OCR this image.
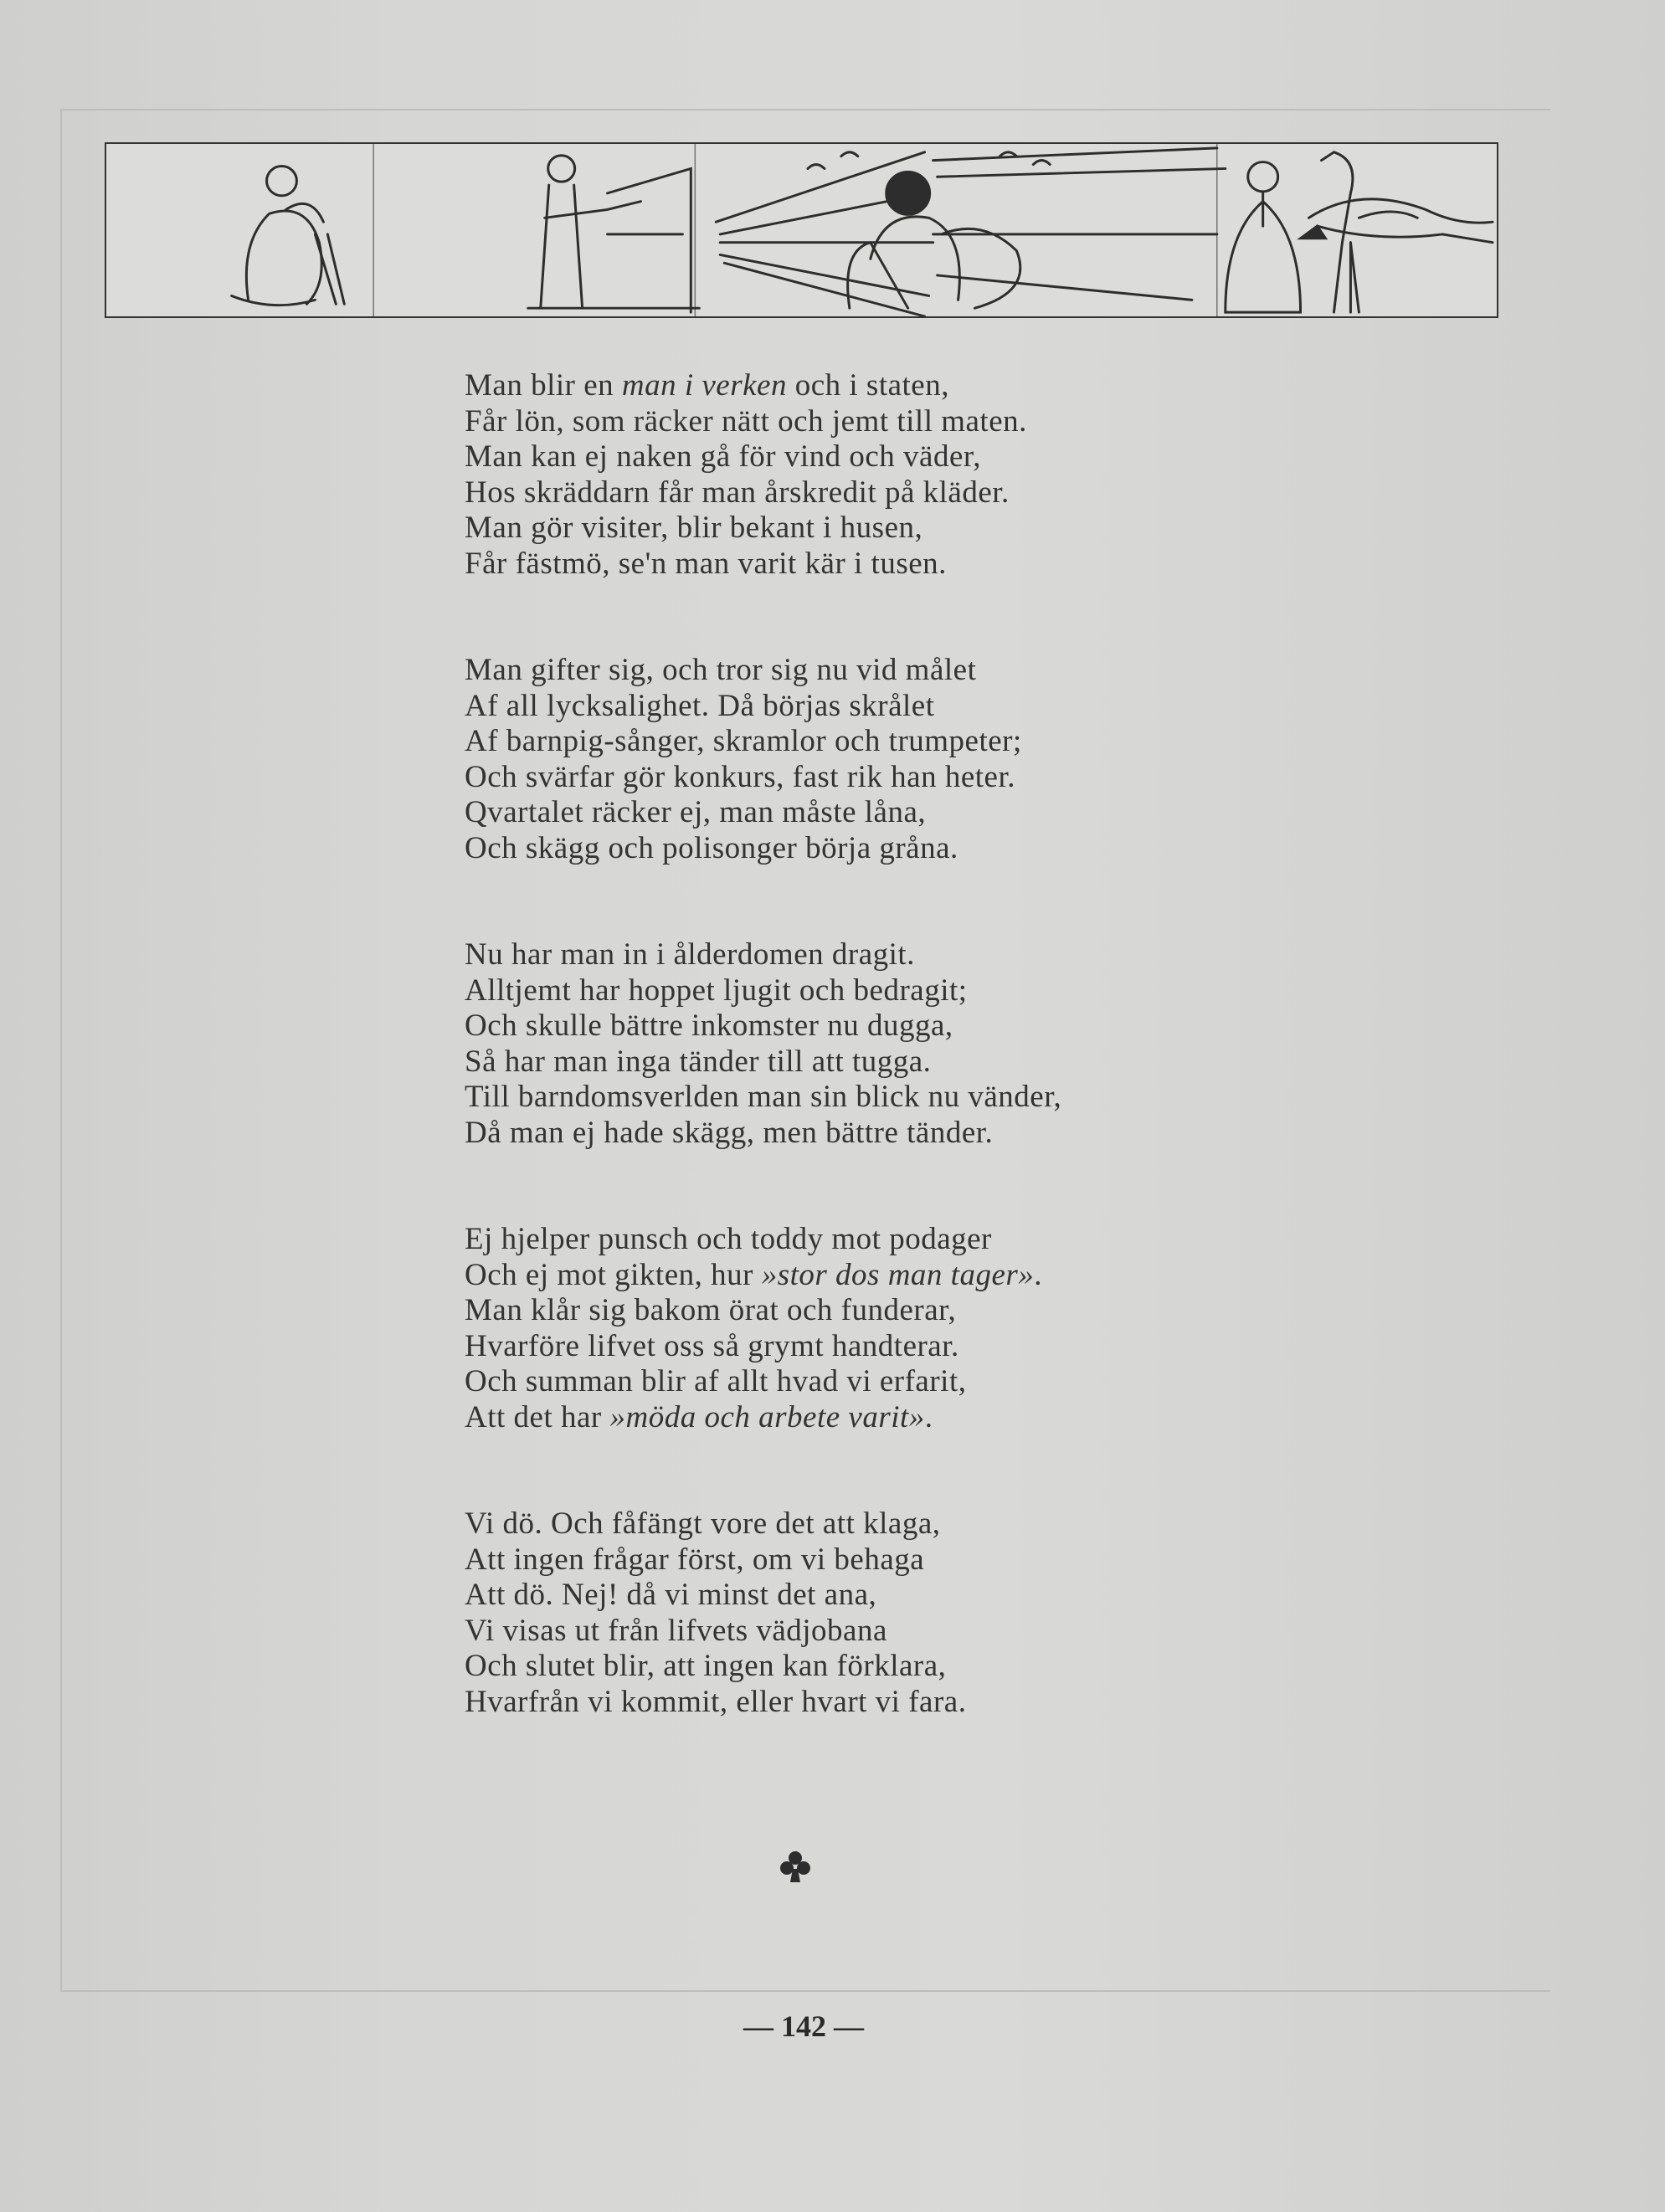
Man blir en man i verken och i staten,
Får lön, som räcker nätt och jemt till maten.
Man kan ej naken gå för vind och väder,
Hos skräddarn får man årskredit på kläder.
Man gör visiter, blir bekant i husen,
Får fästmö, se'n man varit kär i tusen.
Man gifter sig, och tror sig nu vid målet
Af all lycksalighet. Då börjas skrålet
Af barnpig-sånger, skramlor och trumpeter;
Och svärfar gör konkurs, fast rik han heter.
Qvartalet räcker ej, man måste låna,
Och skägg och polisonger börja gråna.
Nu har man in i ålderdomen dragit.
Alltjemt har hoppet ljugit och bedragit;
Och skulle bättre inkomster nu dugga,
Så har man inga tänder till att tugga.
Till barndomsverlden man sin blick nu vänder,
Då man ej hade skägg, men bättre tänder.
Ej hjelper punsch och toddy mot podager
Och ej mot gikten, hur »stor dos man tager».
Man klår sig bakom örat och funderar,
Hvarföre lifvet oss så grymt handterar.
Och summan blir af allt hvad vi erfarit,
Att det har »möda och arbete varit».
Vi dö. Och fåfängt vore det att klaga,
Att ingen frågar först, om vi behaga
Att dö. Nej! då vi minst det ana,
Vi visas ut från lifvets vädjobana
Och slutet blir, att ingen kan förklara,
Hvarfrån vi kommit, eller hvart vi fara.
— 142 —
